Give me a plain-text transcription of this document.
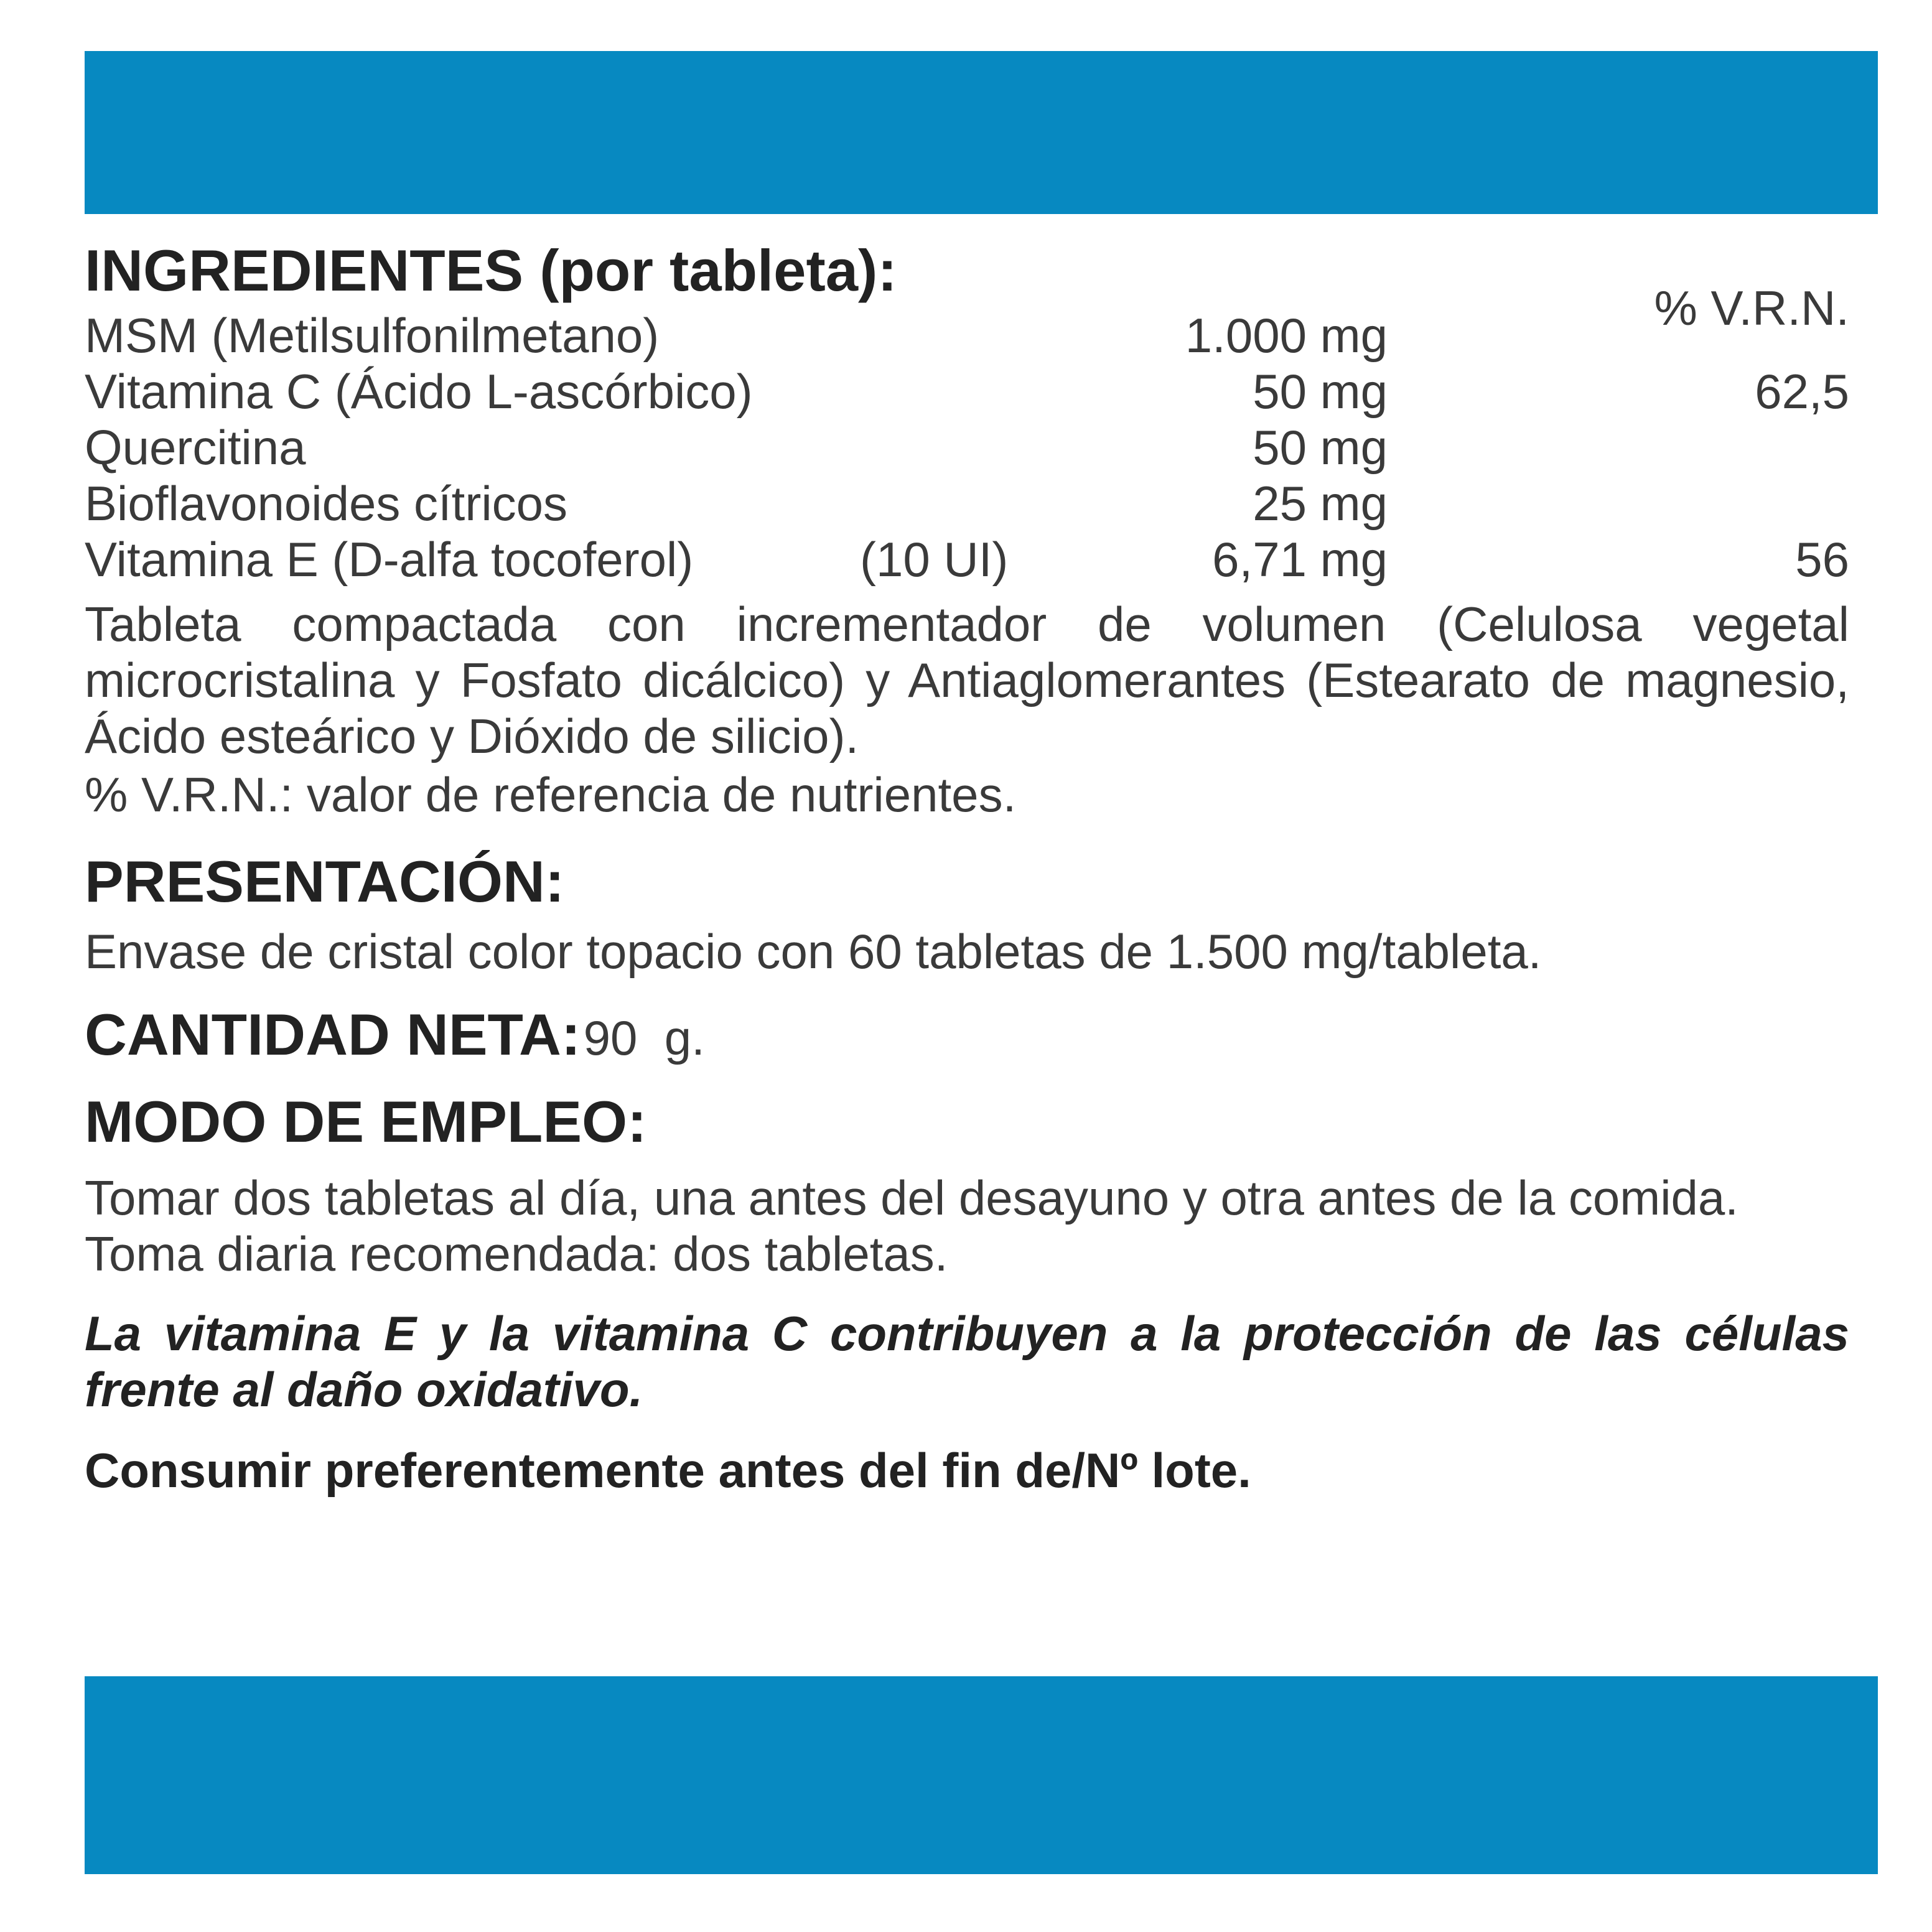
INGREDIENTES (por tableta):
% V.R.N.
MSM (Metilsulfonilmetano)	1.000 mg
Vitamina C (Ácido L-ascórbico)	50 mg	62,5
Quercitina	50 mg
Bioflavonoides cítricos	25 mg
Vitamina E (D-alfa tocoferol)	(10 UI)	6,71 mg	56

Tableta compactada con incrementador de volumen (Celulosa vegetal microcristalina y Fosfato dicálcico) y Antiaglomerantes (Estearato de magnesio, Ácido esteárico y Dióxido de silicio).

% V.R.N.: valor de referencia de nutrientes.

PRESENTACIÓN:

Envase de cristal color topacio con 60 tabletas de 1.500 mg/tableta.

CANTIDAD NETA: 90  g.
MODO DE EMPLEO:

Tomar dos tabletas al día, una antes del desayuno y otra antes de la comida.

Toma diaria recomendada: dos tabletas.

La vitamina E y la vitamina C contribuyen a la protección de las células frente al daño oxidativo.

Consumir preferentemente antes del fin de/Nº lote.
